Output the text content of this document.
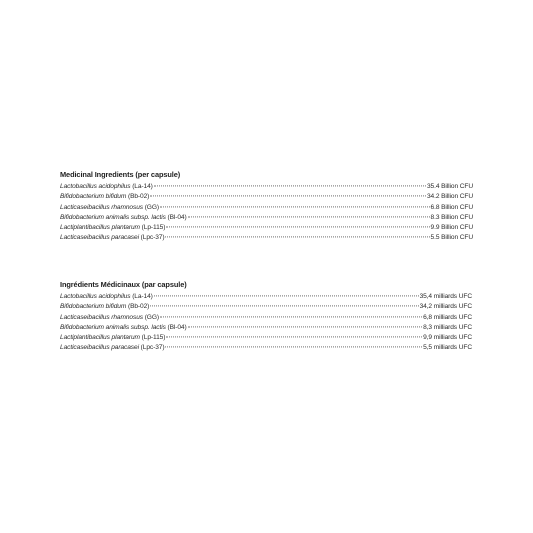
Medicinal Ingredients (per capsule)
Lactobacillus acidophilus (La-14)	35.4 Billion CFU
Bifidobacterium bifidum (Bb-02)	34.2 Billion CFU
Lacticaseibacillus rhamnosus (GG)	6.8 Billion CFU
Bifidobacterium animalis subsp. lactis (Bl-04)	8.3 Billion CFU
Lactiplantibacillus plantarum (Lp-115)	9.9 Billion CFU
Lacticaseibacillus paracasei (Lpc-37)	5.5 Billion CFU
Ingrédients Médicinaux (par capsule)
Lactobacillus acidophilus (La-14)	35,4 milliards UFC
Bifidobacterium bifidum (Bb-02)	34,2 milliards UFC
Lacticaseibacillus rhamnosus (GG)	6,8 milliards UFC
Bifidobacterium animalis subsp. lactis (Bl-04)	8,3 milliards UFC
Lactiplantibacillus plantarum (Lp-115)	9,9 milliards UFC
Lacticaseibacillus paracasei (Lpc-37)	5,5 milliards UFC
